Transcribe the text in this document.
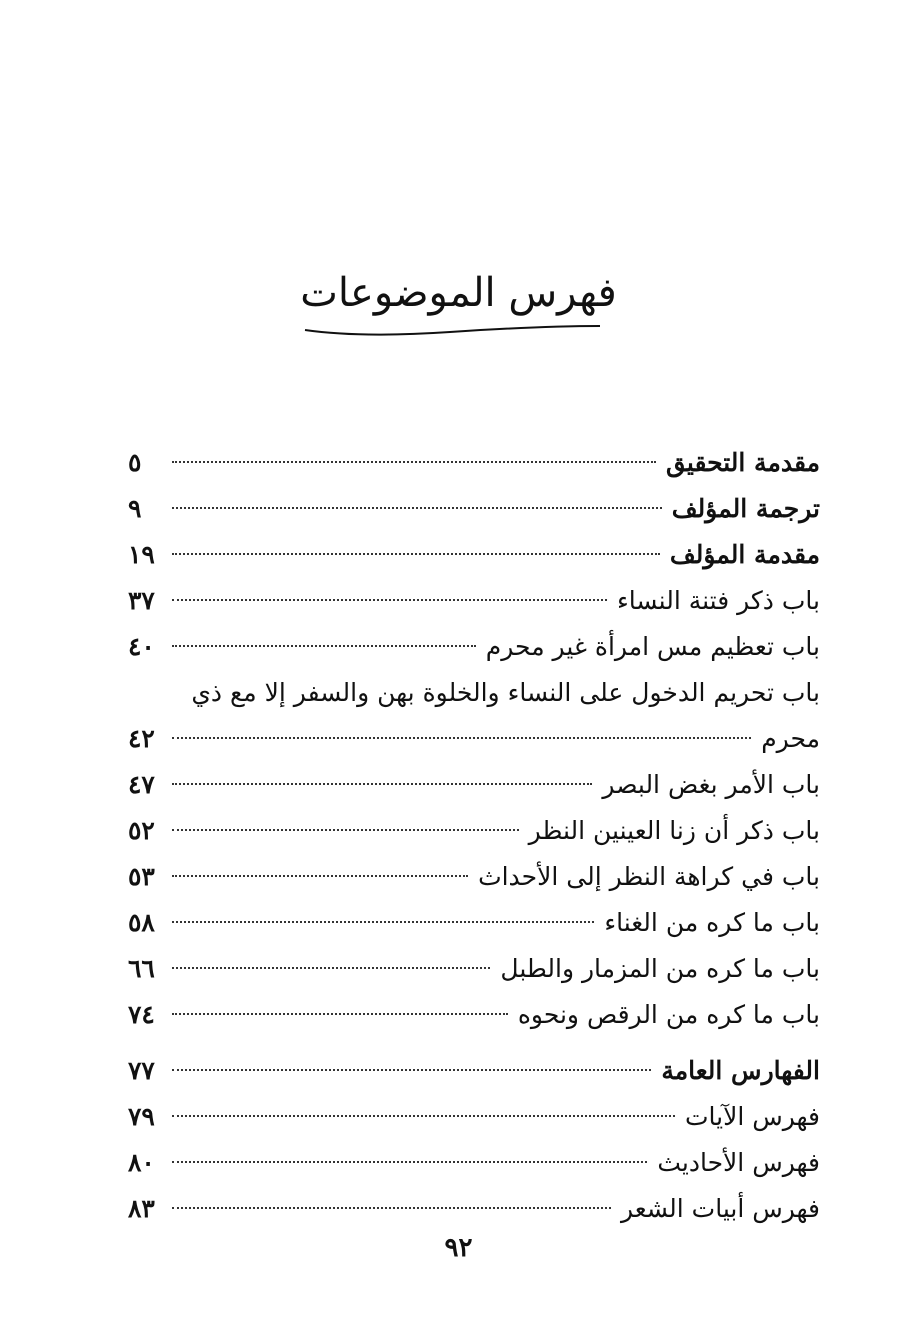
فهرس الموضوعات
مقدمة التحقيق
٥
ترجمة المؤلف
٩
مقدمة المؤلف
١٩
باب ذكر فتنة النساء
٣٧
باب تعظيم مس امرأة غير محرم
٤٠
باب تحريم الدخول على النساء والخلوة بهن والسفر إلا مع ذي
محرم
٤٢
باب الأمر بغض البصر
٤٧
باب ذكر أن زنا العينين النظر
٥٢
باب في كراهة النظر إلى الأحداث
٥٣
باب ما كره من الغناء
٥٨
باب ما كره من المزمار والطبل
٦٦
باب ما كره من الرقص ونحوه
٧٤
الفهارس العامة
٧٧
فهرس الآيات
٧٩
فهرس الأحاديث
٨٠
فهرس أبيات الشعر
٨٣
٩٢
